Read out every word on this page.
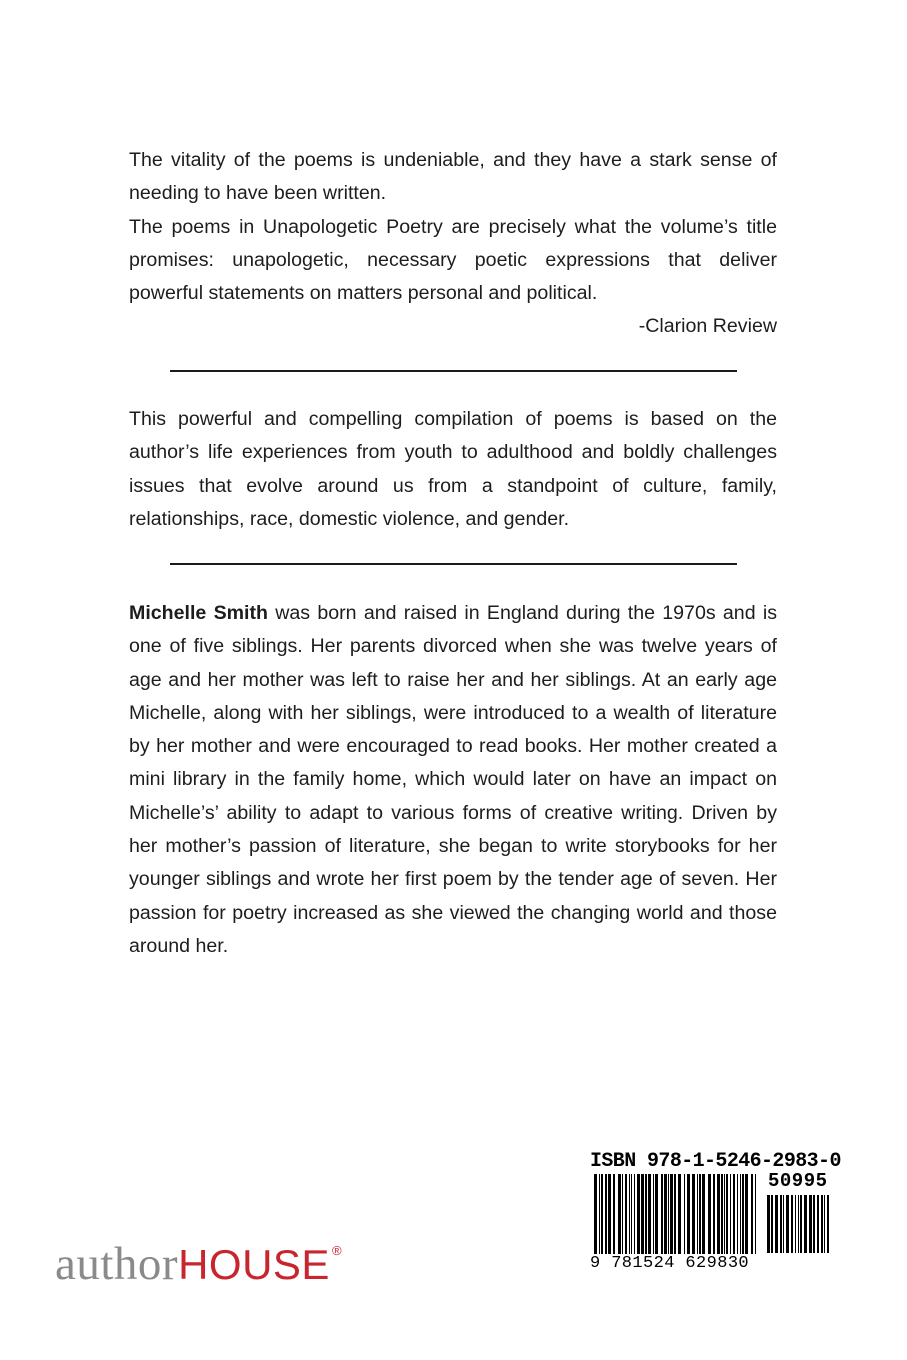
The vitality of the poems is undeniable, and they have a stark sense of needing to have been written.

The poems in Unapologetic Poetry are precisely what the volume’s title promises: unapologetic, necessary poetic expressions that deliver powerful statements on matters personal and political.

-Clarion Review

This powerful and compelling compilation of poems is based on the author’s life experiences from youth to adulthood and boldly challenges issues that evolve around us from a standpoint of culture, family, relationships, race, domestic violence, and gender.

Michelle Smith was born and raised in England during the 1970s and is one of five siblings. Her parents divorced when she was twelve years of age and her mother was left to raise her and her siblings. At an early age Michelle, along with her siblings, were introduced to a wealth of literature by her mother and were encouraged to read books. Her mother created a mini library in the family home, which would later on have an impact on Michelle’s’ ability to adapt to various forms of creative writing. Driven by her mother’s passion of literature, she began to write storybooks for her younger siblings and wrote her first poem by the tender age of seven. Her passion for poetry increased as she viewed the changing world and those around her.

authorHOUSE ®
ISBN 978-1-5246-2983-0
50995
9 781524 629830
